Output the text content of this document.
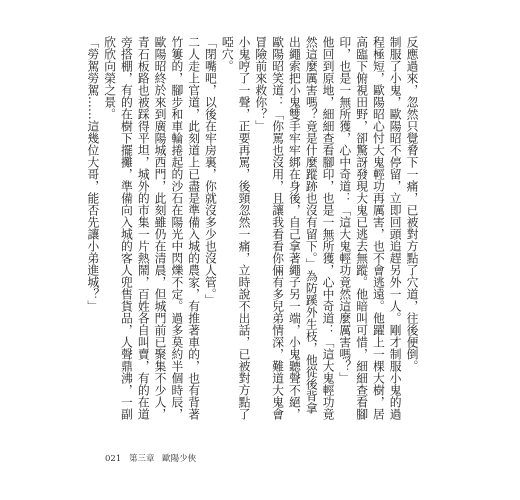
反應過來，忽然只覺脅下一痛，已被對方點了穴道，往後便倒。

制服了小鬼，歐陽昭不停留，立即回頭追趕另外一人。剛才制服小鬼的過程極短，歐陽昭心忖大鬼輕功再厲害，也不會逃遠。他躍上一棵大樹，居高臨下俯視田野，卻驚訝發現大鬼已逃去無蹤。他暗叫可惜，細細查看腳印，也是一無所獲，心中奇道：「這大鬼輕功竟然這麼厲害嗎？」

他回到原地，細細查看腳印，也是一無所獲，心中奇道：「這大鬼輕功竟然這麼厲害嗎？竟是什麼蹤跡也沒有留下。」為防蹊外生枝，他從後背拿出繩索把小鬼雙手牢牢綁在身後，自己拿著繩子另一端，小鬼聽聲不絕，歐陽昭笑道：「你罵也沒用，且讓我看看你倆有多兒弟情深，難道大鬼會冒險前來救你？」

小鬼哼了一聲，正要再罵，後頸忽然一痛，立時說不出話，已被對方點了啞穴。

「閉嘴吧，以後在牢房裏，你就沒多少也沒人管。」

二人走上官道，此刻道上已盡是準備入城的農家，有推著車的，也有背著竹簍的，腳步和車輪捲起的沙石在陽光中閃爍不定。過多莫約半個時辰，歐陽昭終於來到廣陽城西門，此刻雖仍在清晨，但城門前已聚集不少人，青石板路也被踩得平坦，城外的市集一片熱鬧，百姓各自叫賣，有的在道旁搭棚，有的在樹下擺攤，準備向入城的客人兜售貨品，人聲鼎沸，一副欣欣向榮之景。

「勞駕勞駕……這幾位大哥，能否先讓小弟進城？」

021 第三章 歐陽少俠
